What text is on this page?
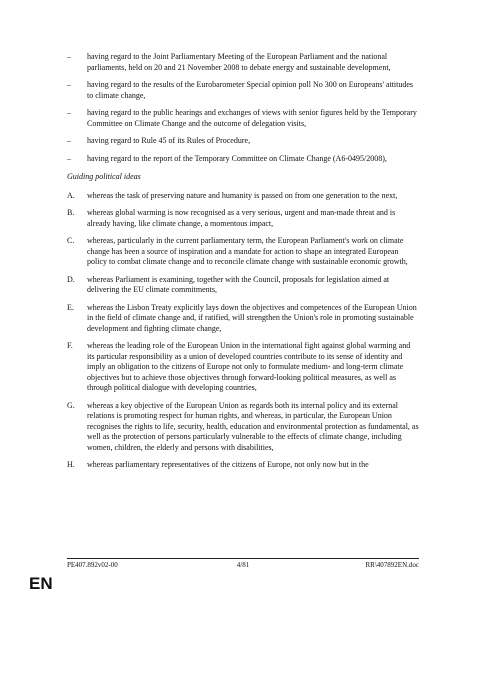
– having regard to the Joint Parliamentary Meeting of the European Parliament and the national parliaments, held on 20 and 21 November 2008 to debate energy and sustainable development,
– having regard to the results of the Eurobarometer Special opinion poll No 300 on Europeans' attitudes to climate change,
– having regard to the public hearings and exchanges of views with senior figures held by the Temporary Committee on Climate Change and the outcome of delegation visits,
– having regard to Rule 45 of its Rules of Procedure,
– having regard to the report of the Temporary Committee on Climate Change (A6-0495/2008),
Guiding political ideas
A. whereas the task of preserving nature and humanity is passed on from one generation to the next,
B. whereas global warming is now recognised as a very serious, urgent and man-made threat and is already having, like climate change, a momentous impact,
C. whereas, particularly in the current parliamentary term, the European Parliament's work on climate change has been a source of inspiration and a mandate for action to shape an integrated European policy to combat climate change and to reconcile climate change with sustainable economic growth,
D. whereas Parliament is examining, together with the Council, proposals for legislation aimed at delivering the EU climate commitments,
E. whereas the Lisbon Treaty explicitly lays down the objectives and competences of the European Union in the field of climate change and, if ratified, will strengthen the Union's role in promoting sustainable development and fighting climate change,
F. whereas the leading role of the European Union in the international fight against global warming and its particular responsibility as a union of developed countries contribute to its sense of identity and imply an obligation to the citizens of Europe not only to formulate medium- and long-term climate objectives but to achieve those objectives through forward-looking political measures, as well as through political dialogue with developing countries,
G. whereas a key objective of the European Union as regards both its internal policy and its external relations is promoting respect for human rights, and whereas, in particular, the European Union recognises the rights to life, security, health, education and environmental protection as fundamental, as well as the protection of persons particularly vulnerable to the effects of climate change, including women, children, the elderly and persons with disabilities,
H. whereas parliamentary representatives of the citizens of Europe, not only now but in the
PE407.892v02-00	4/81	RR\407892EN.doc
EN
